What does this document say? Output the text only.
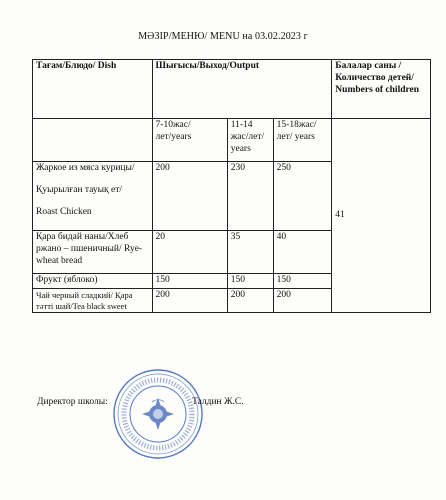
МӘЗІР/МЕНЮ/ MENU на 03.02.2023 г
Тағам/Блюдо/ Dish	Шығысы/Выход/Output			Балалар саны /Количество детей/ Numbers of children
	7-10жас/лет/years	11-14 жас/лет/ years	15-18жас/лет/ years	41

Жаркое из мяса курицы/

Қуырылған тауық ет/

Roast Chicken	200	230	250	
Қара бидай наны/Хлеб ржано – пшеничный/ Rye-wheat bread	20	35	40	
Фрукт (яблоко)	150	150	150	
Чай черный сладкий/ Қара тәтті шай/Tea black sweet	200	200	200	
Директор школы:	Талдин Ж.С.
